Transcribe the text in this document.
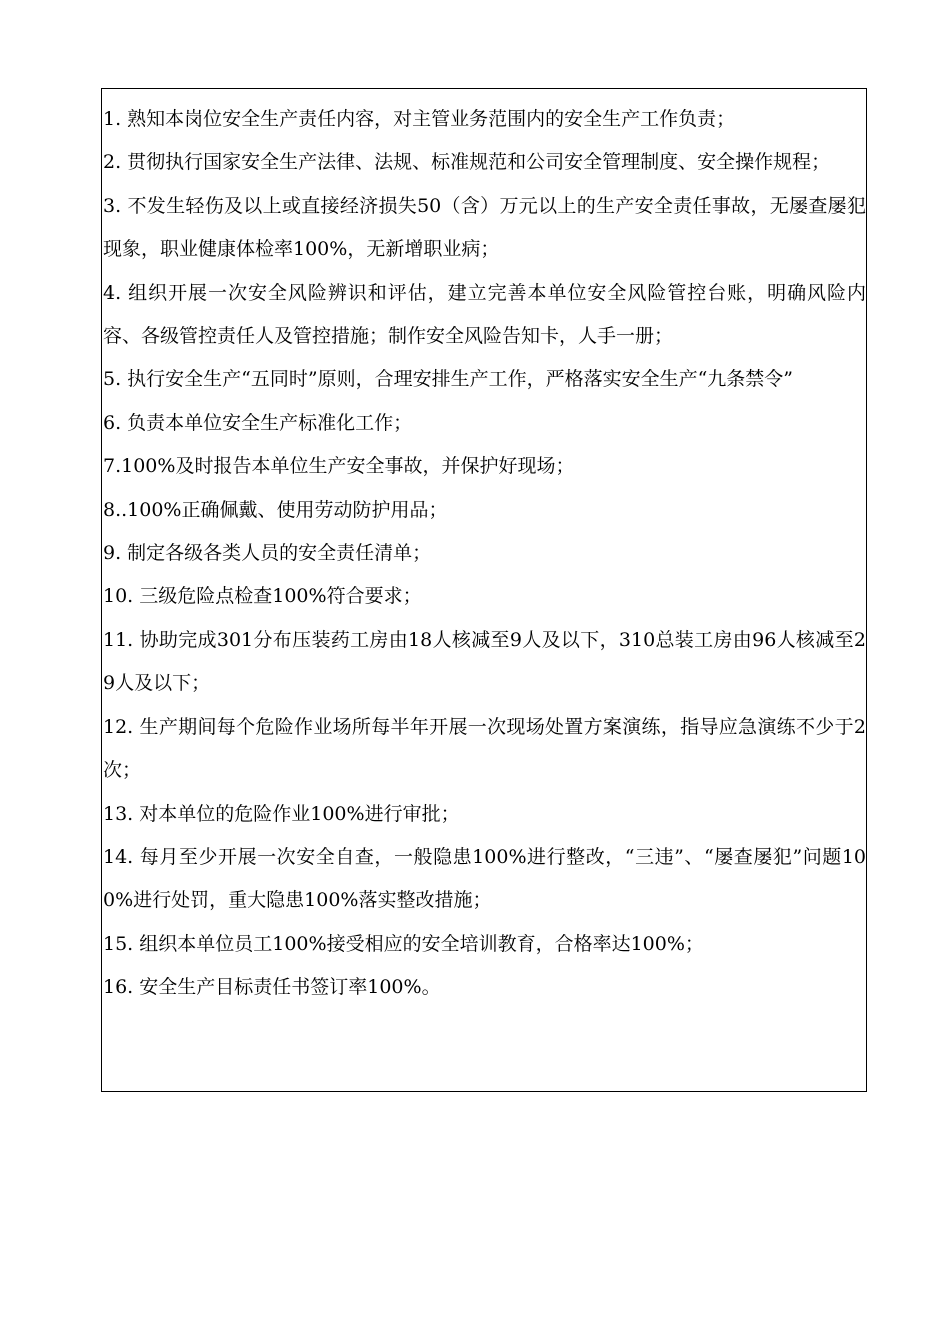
1. 熟知本岗位安全生产责任内容，对主管业务范围内的安全生产工作负责；
2. 贯彻执行国家安全生产法律、法规、标准规范和公司安全管理制度、安全操作规程；
3. 不发生轻伤及以上或直接经济损失50（含）万元以上的生产安全责任事故，无屡查屡犯现象，职业健康体检率100%，无新增职业病；
4. 组织开展一次安全风险辨识和评估，建立完善本单位安全风险管控台账，明确风险内容、各级管控责任人及管控措施；制作安全风险告知卡，人手一册；
5. 执行安全生产“五同时”原则，合理安排生产工作，严格落实安全生产“九条禁令”
6. 负责本单位安全生产标准化工作；
7.100%及时报告本单位生产安全事故，并保护好现场；
8..100%正确佩戴、使用劳动防护用品；
9. 制定各级各类人员的安全责任清单；
10. 三级危险点检查100%符合要求；
11. 协助完成301分布压装药工房由18人核减至9人及以下，310总装工房由96人核减至29人及以下；
12. 生产期间每个危险作业场所每半年开展一次现场处置方案演练，指导应急演练不少于2次；
13. 对本单位的危险作业100%进行审批；
14. 每月至少开展一次安全自查，一般隐患100%进行整改，“三违”、“屡查屡犯”问题100%进行处罚，重大隐患100%落实整改措施；
15. 组织本单位员工100%接受相应的安全培训教育，合格率达100%；
16. 安全生产目标责任书签订率100%。
